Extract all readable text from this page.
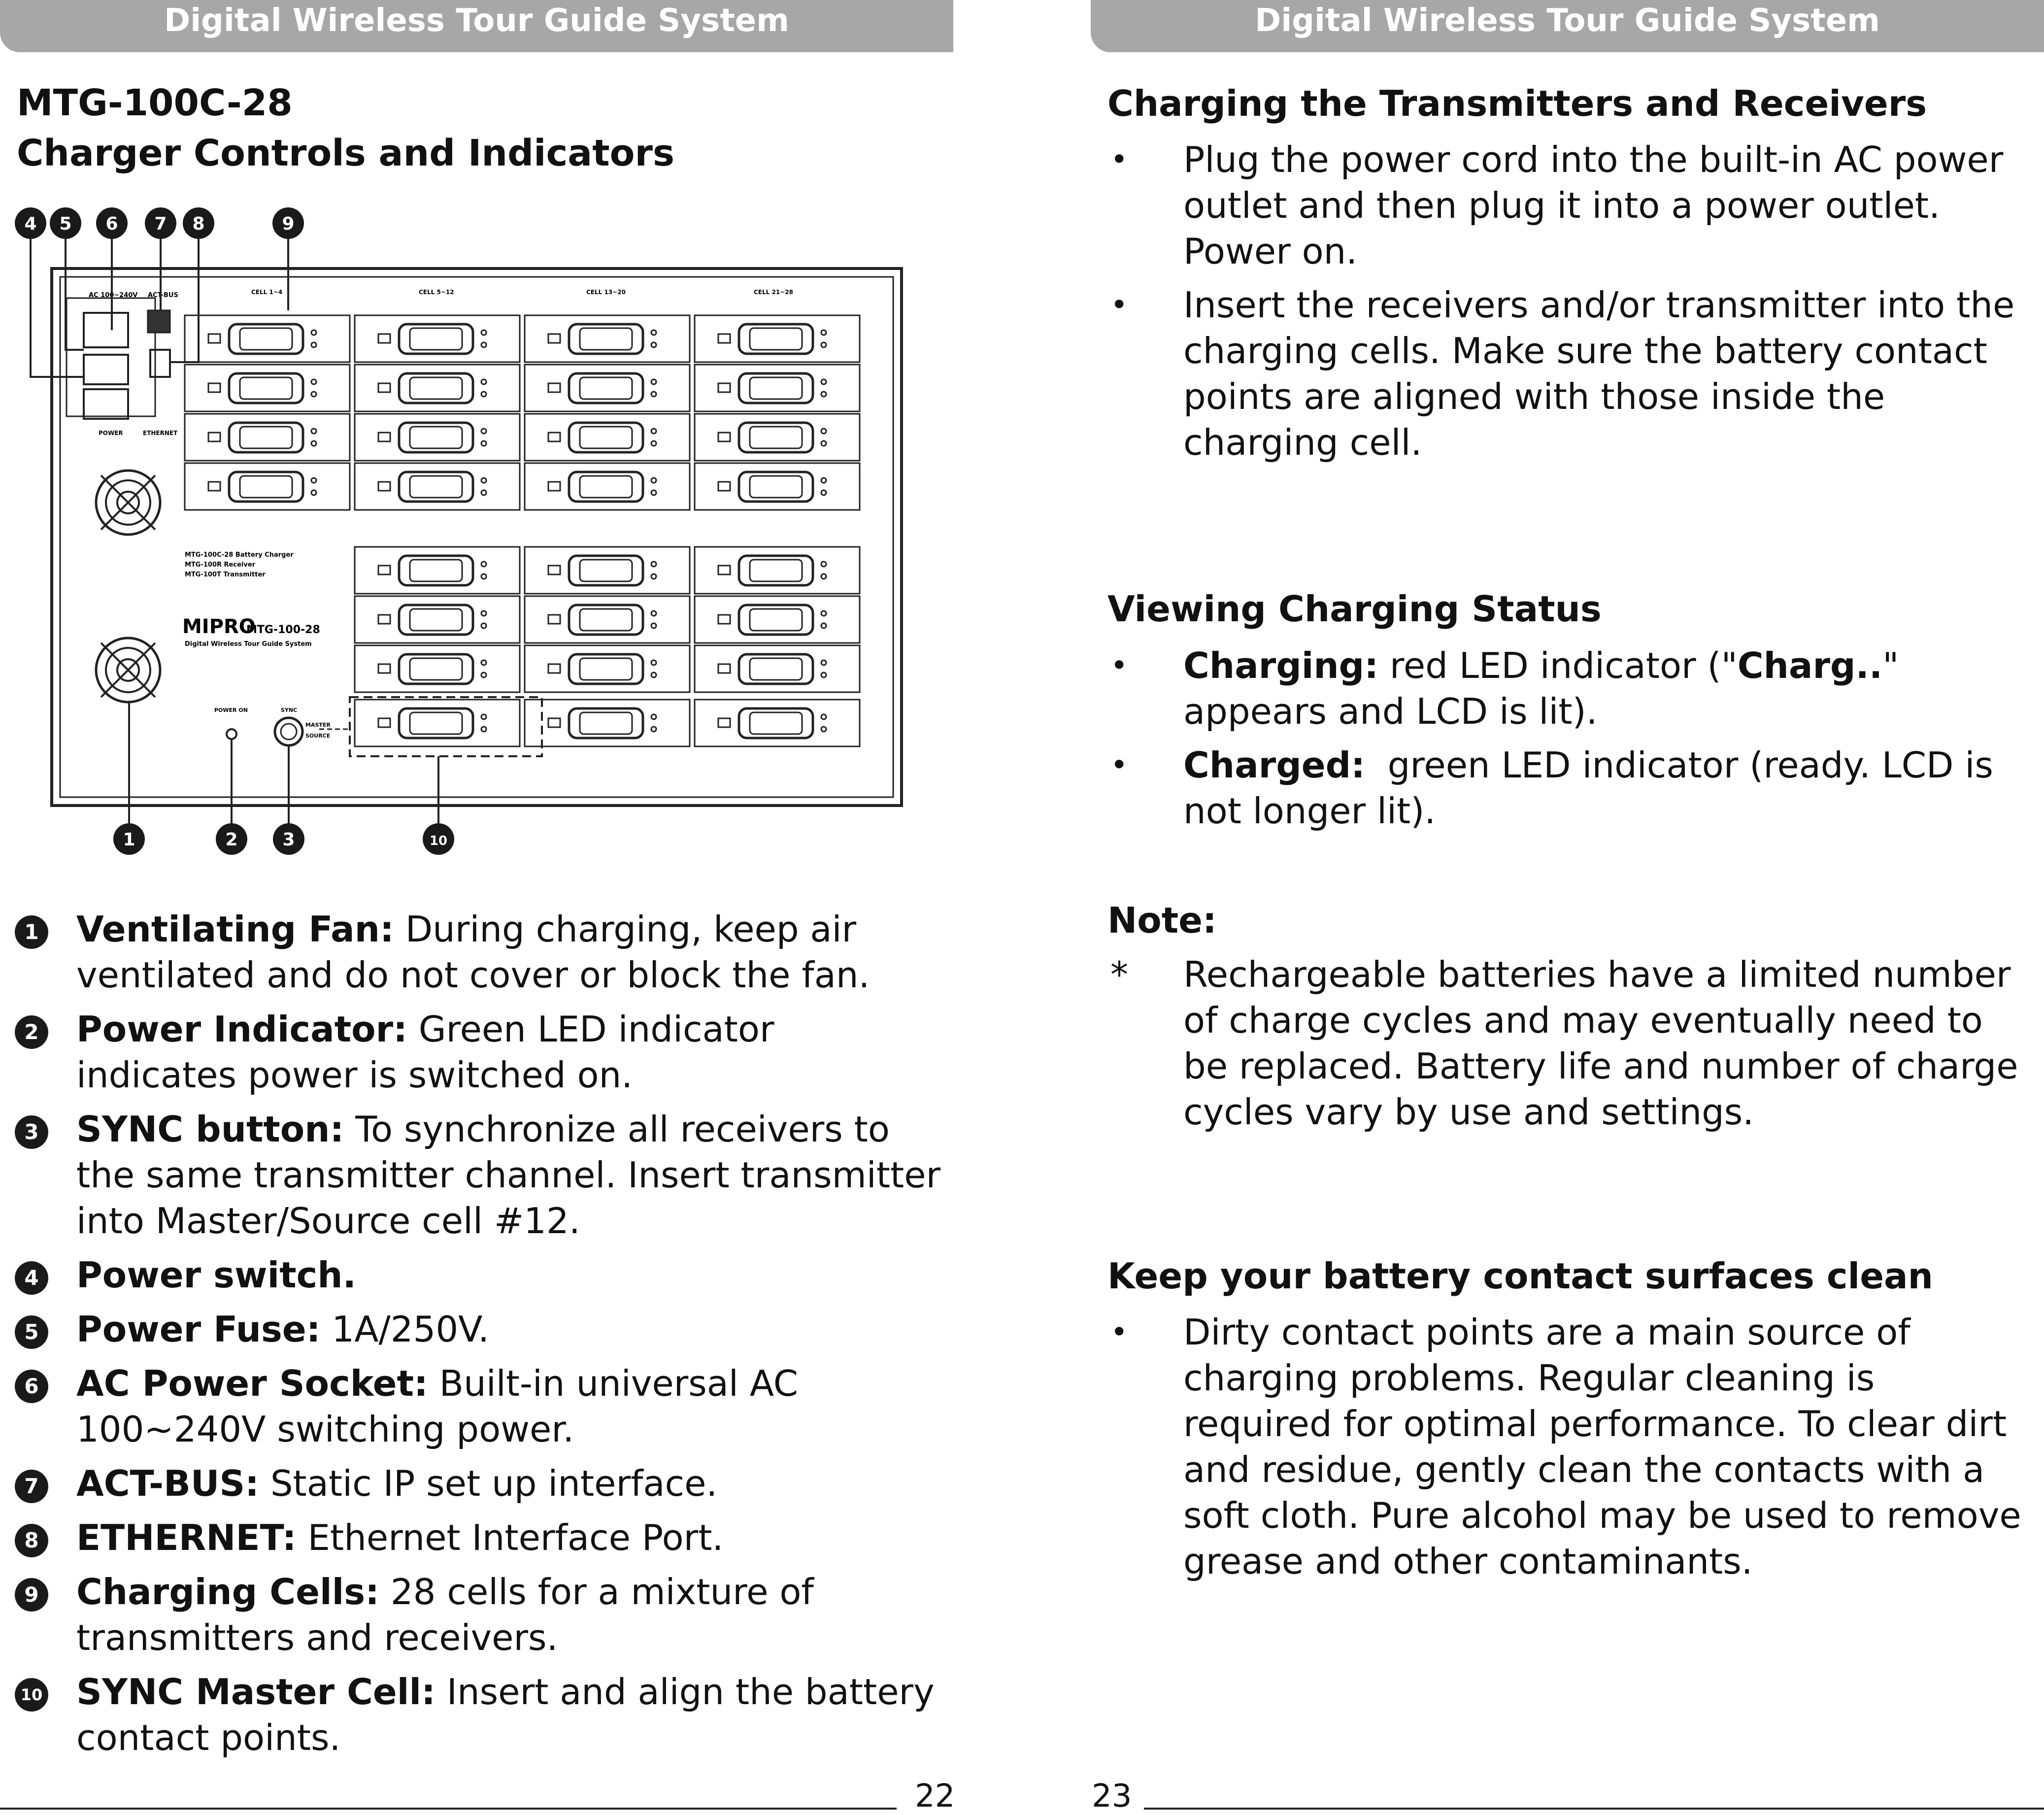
Digital Wireless Tour Guide System
MTG-100C-28
Charger Controls and Indicators
AC 100~240V ACT-BUS
POWER	ETHERNET
MTG-100C-28 Battery Charger
MTG-100R Receiver
MTG-100T Transmitter
MIPRO
MTG-100-28
Digital Wireless Tour Guide System
POWER ON	SYNC
MASTER
SOURCE
CELL 1~4	CELL 5~12	CELL 13~20	CELL 21~28
4 5 6 7 8	9
1	2	3	10
1 Ventilating Fan: During charging, keep air ventilated and do not cover or block the fan.
2 Power Indicator: Green LED indicator indicates power is switched on.
3 SYNC button: To synchronize all receivers to the same transmitter channel. Insert transmitter into Master/Source cell #12.
4 Power switch.
5 Power Fuse: 1A/250V.
6 AC Power Socket: Built-in universal AC 100~240V switching power.
7 ACT-BUS: Static IP set up interface.
8 ETHERNET: Ethernet Interface Port.
9 Charging Cells: 28 cells for a mixture of transmitters and receivers.
10 SYNC Master Cell: Insert and align the battery contact points.
22
Digital Wireless Tour Guide System
Charging the Transmitters and Receivers
• Plug the power cord into the built-in AC power outlet and then plug it into a power outlet. Power on.
• Insert the receivers and/or transmitter into the charging cells. Make sure the battery contact points are aligned with those inside the charging cell.
Viewing Charging Status
• Charging: red LED indicator ("Charg.." appears and LCD is lit).
• Charged:  green LED indicator (ready. LCD is not longer lit).
Note:
* Rechargeable batteries have a limited number of charge cycles and may eventually need to be replaced. Battery life and number of charge cycles vary by use and settings.
Keep your battery contact surfaces clean
• Dirty contact points are a main source of charging problems. Regular cleaning is required for optimal performance. To clear dirt and residue, gently clean the contacts with a soft cloth. Pure alcohol may be used to remove grease and other contaminants.
23
